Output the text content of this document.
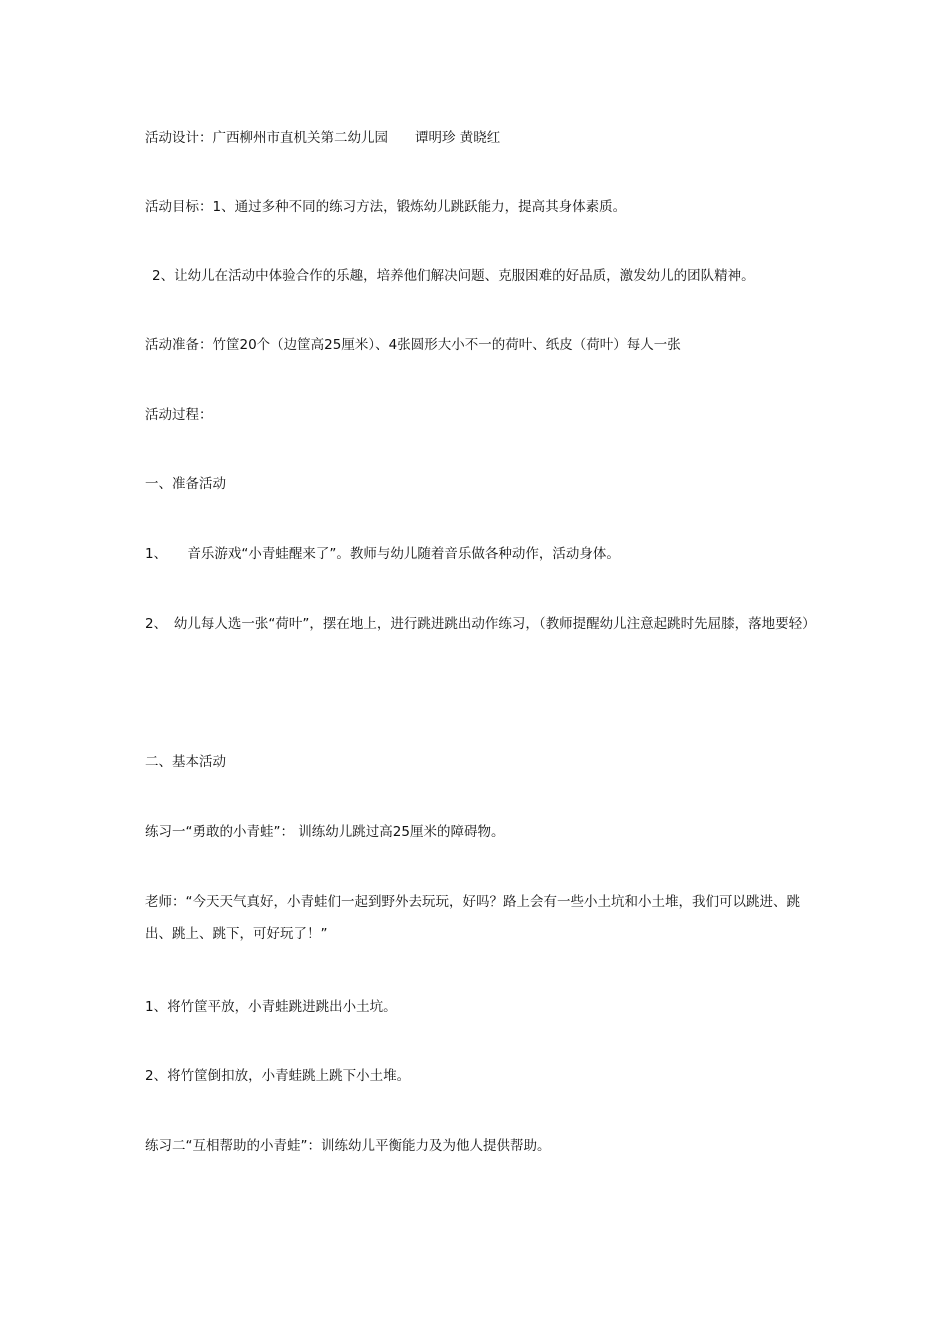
活动设计：广西柳州市直机关第二幼儿园　　谭明珍 黄晓红
活动目标：1、通过多种不同的练习方法，锻炼幼儿跳跃能力，提高其身体素质。
2、让幼儿在活动中体验合作的乐趣，培养他们解决问题、克服困难的好品质，激发幼儿的团队精神。
活动准备：竹筐20个（边筐高25厘米）、4张圆形大小不一的荷叶、纸皮（荷叶）每人一张
活动过程：
一、准备活动
1、　　音乐游戏“小青蛙醒来了”。教师与幼儿随着音乐做各种动作，活动身体。
2、　幼儿每人选一张“荷叶”，摆在地上，进行跳进跳出动作练习，（教师提醒幼儿注意起跳时先屈膝，落地要轻）
二、基本活动
练习一“勇敢的小青蛙”： 训练幼儿跳过高25厘米的障碍物。
老师：“今天天气真好，小青蛙们一起到野外去玩玩，好吗？路上会有一些小土坑和小土堆，我们可以跳进、跳出、跳上、跳下，可好玩了！”
1、将竹筐平放，小青蛙跳进跳出小土坑。
2、将竹筐倒扣放，小青蛙跳上跳下小土堆。
练习二“互相帮助的小青蛙”：训练幼儿平衡能力及为他人提供帮助。
